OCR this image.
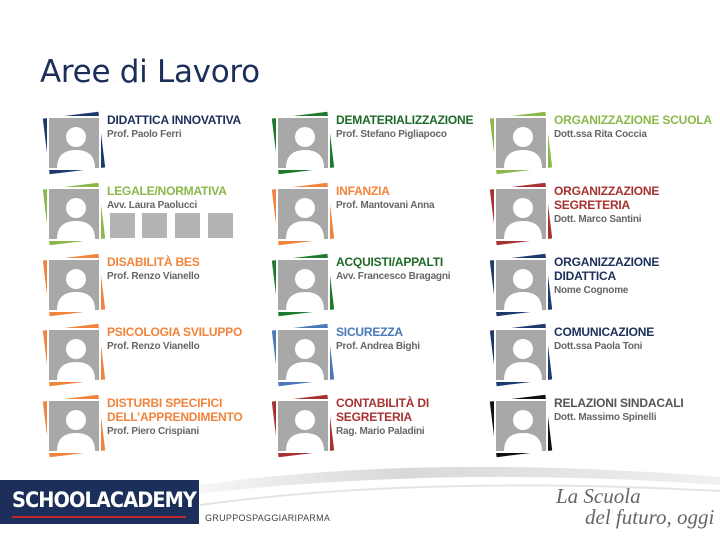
Aree di Lavoro
DIDATTICA INNOVATIVA
Prof. Paolo Ferri
LEGALE/NORMATIVA
Avv. Laura Paolucci
DISABILITÀ BES
Prof. Renzo Vianello
PSICOLOGIA SVILUPPO
Prof. Renzo Vianello
DISTURBI SPECIFICI DELL’APPRENDIMENTO
Prof. Piero Crispiani
DEMATERIALIZZAZIONE
Prof. Stefano Pigliapoco
INFANZIA
Prof. Mantovani Anna
ACQUISTI/APPALTI
Avv. Francesco Bragagni
SICUREZZA
Prof. Andrea Bighi
CONTABILITÀ DI SEGRETERIA
Rag. Mario Paladini
ORGANIZZAZIONE SCUOLA
Dott.ssa Rita Coccia
ORGANIZZAZIONE SEGRETERIA
Dott. Marco Santini
ORGANIZZAZIONE DIDATTICA
Nome Cognome
COMUNICAZIONE
Dott.ssa Paola Toni
RELAZIONI SINDACALI
Dott. Massimo Spinelli
SCHOOLACADEMY
GRUPPOSPAGGIARIPARMA
La Scuola
del futuro, oggi
